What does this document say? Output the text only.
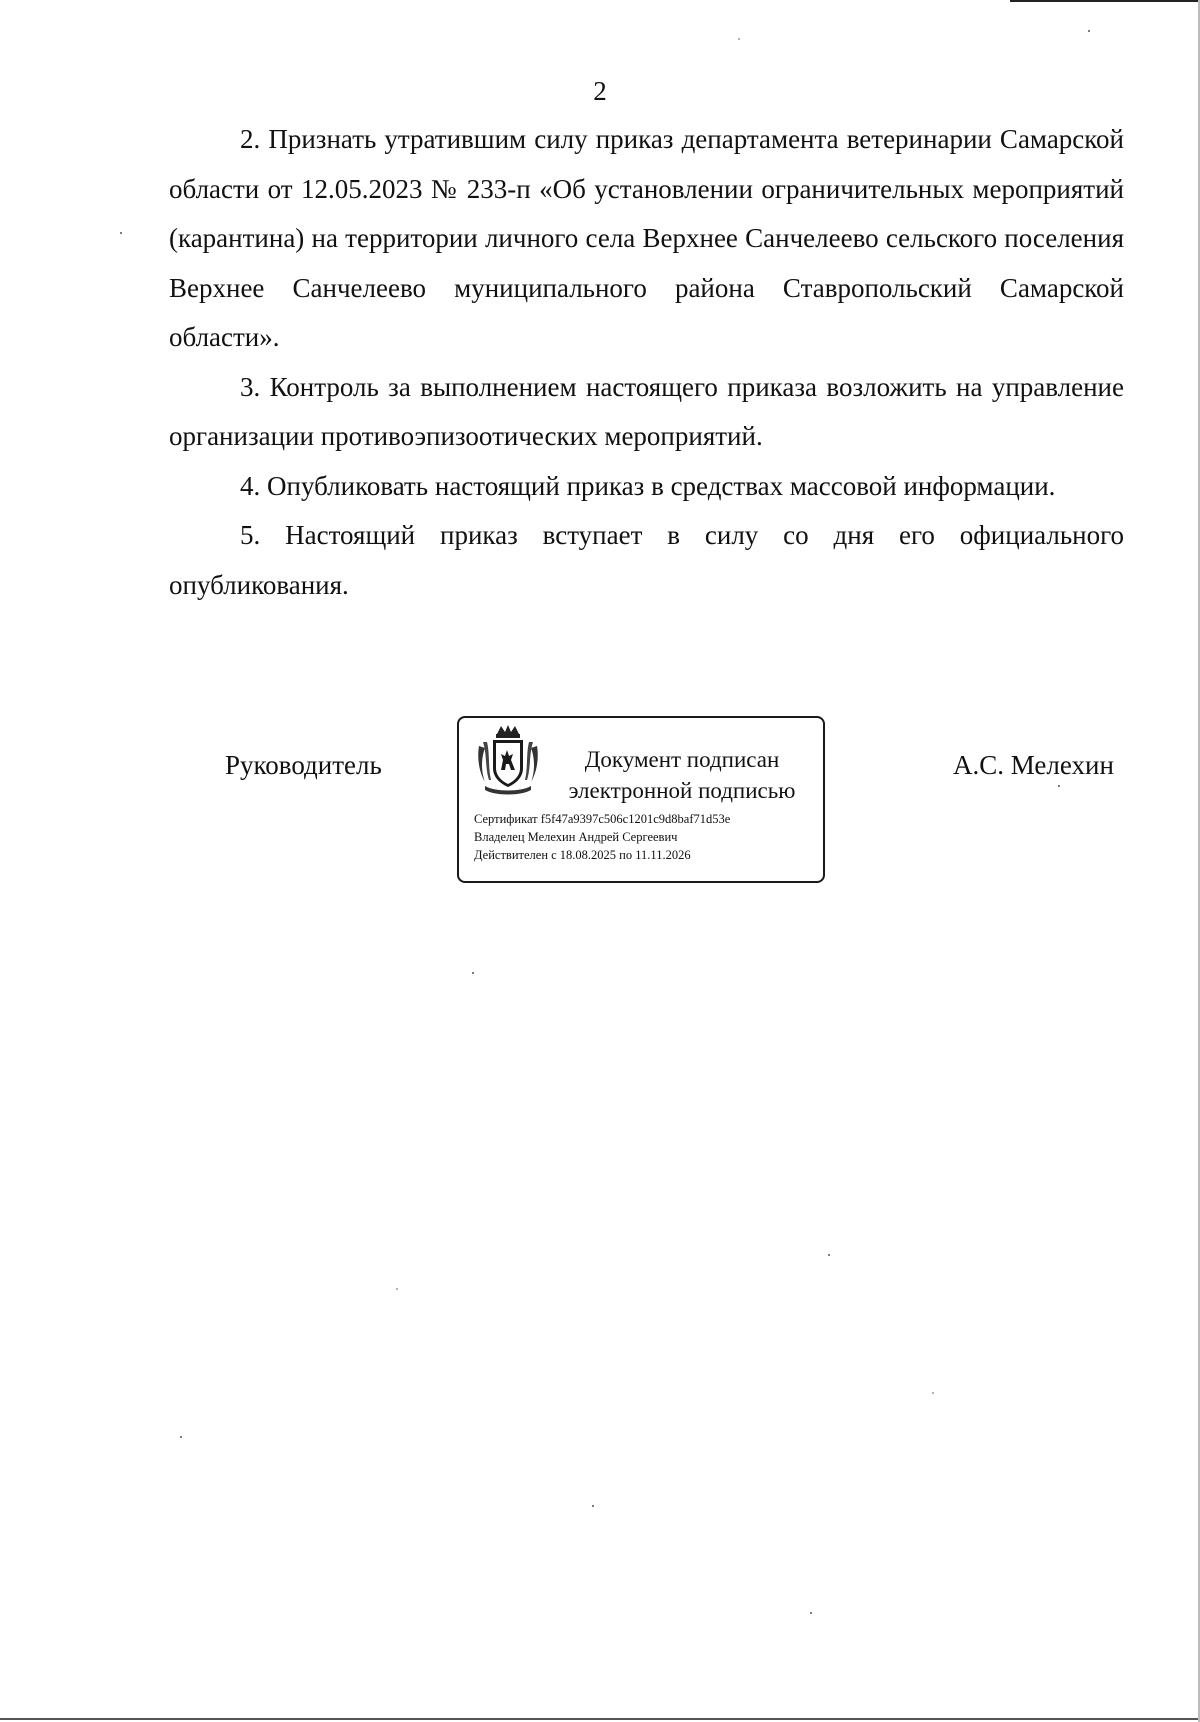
2

2. Признать утратившим силу приказ департамента ветеринарии Самарской области от 12.05.2023 № 233-п «Об установлении ограничительных мероприятий (карантина) на территории личного села Верхнее Санчелеево сельского поселения Верхнее Санчелеево муниципального района Ставропольский Самарской области».

3. Контроль за выполнением настоящего приказа возложить на управление организации противоэпизоотических мероприятий.

4. Опубликовать настоящий приказ в средствах массовой информации.

5. Настоящий приказ вступает в силу со дня его официального опубликования.

Руководитель	Документ подписан
электронной подписью
Сертификат f5f47a9397c506c1201c9d8baf71d53e
Владелец Мелехин Андрей Сергеевич
Действителен с 18.08.2025 по 11.11.2026
А.С. Мелехин
